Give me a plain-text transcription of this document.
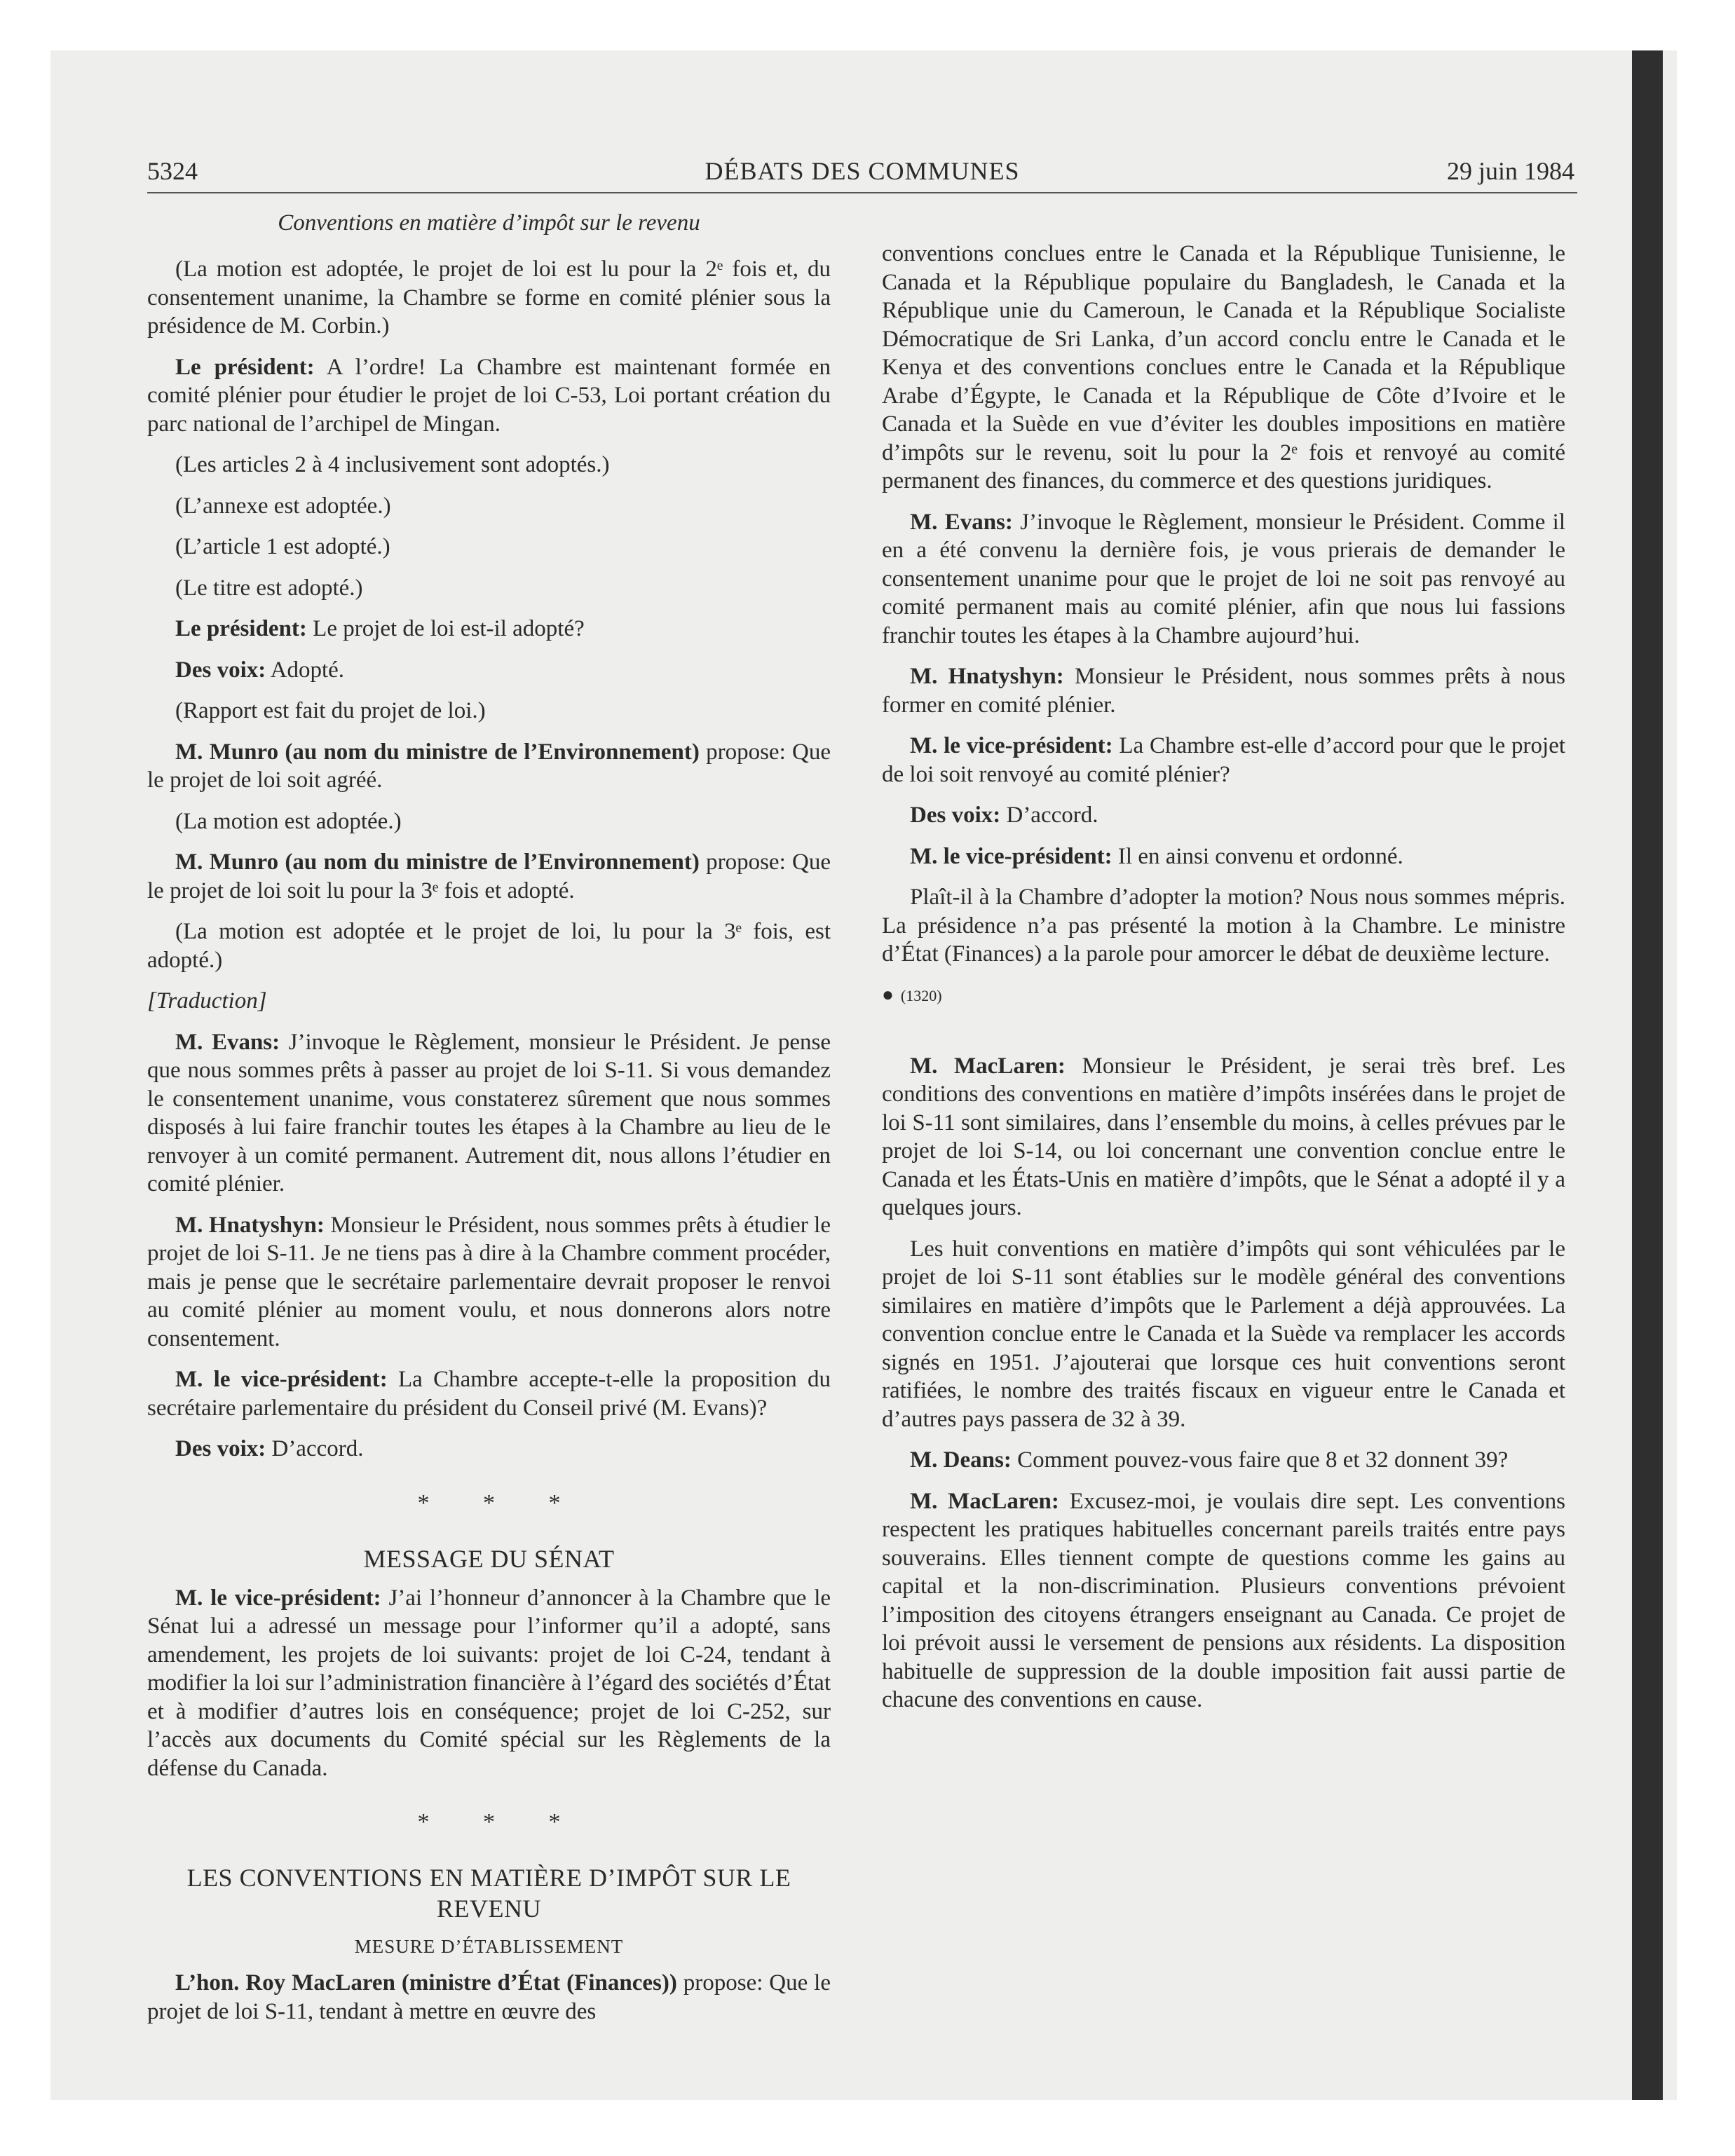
5324	DÉBATS DES COMMUNES	29 juin 1984
Conventions en matière d’impôt sur le revenu

(La motion est adoptée, le projet de loi est lu pour la 2ᵉ fois et, du consentement unanime, la Chambre se forme en comité plénier sous la présidence de M. Corbin.)

Le président: A l’ordre! La Chambre est maintenant formée en comité plénier pour étudier le projet de loi C-53, Loi portant création du parc national de l’archipel de Mingan.

(Les articles 2 à 4 inclusivement sont adoptés.)

(L’annexe est adoptée.)

(L’article 1 est adopté.)

(Le titre est adopté.)

Le président: Le projet de loi est-il adopté?

Des voix: Adopté.

(Rapport est fait du projet de loi.)

M. Munro (au nom du ministre de l’Environnement) propose: Que le projet de loi soit agréé.

(La motion est adoptée.)

M. Munro (au nom du ministre de l’Environnement) propose: Que le projet de loi soit lu pour la 3ᵉ fois et adopté.

(La motion est adoptée et le projet de loi, lu pour la 3ᵉ fois, est adopté.)

[Traduction]

M. Evans: J’invoque le Règlement, monsieur le Président. Je pense que nous sommes prêts à passer au projet de loi S-11. Si vous demandez le consentement unanime, vous constaterez sûrement que nous sommes disposés à lui faire franchir toutes les étapes à la Chambre au lieu de le renvoyer à un comité permanent. Autrement dit, nous allons l’étudier en comité plénier.

M. Hnatyshyn: Monsieur le Président, nous sommes prêts à étudier le projet de loi S-11. Je ne tiens pas à dire à la Chambre comment procéder, mais je pense que le secrétaire parlementaire devrait proposer le renvoi au comité plénier au moment voulu, et nous donnerons alors notre consentement.

M. le vice-président: La Chambre accepte-t-elle la proposition du secrétaire parlementaire du président du Conseil privé (M. Evans)?

Des voix: D’accord.

* * *
MESSAGE DU SÉNAT

M. le vice-président: J’ai l’honneur d’annoncer à la Chambre que le Sénat lui a adressé un message pour l’informer qu’il a adopté, sans amendement, les projets de loi suivants: projet de loi C-24, tendant à modifier la loi sur l’administration financière à l’égard des sociétés d’État et à modifier d’autres lois en conséquence; projet de loi C-252, sur l’accès aux documents du Comité spécial sur les Règlements de la défense du Canada.

* * *
LES CONVENTIONS EN MATIÈRE D’IMPÔT SUR LE REVENU
MESURE D’ÉTABLISSEMENT

L’hon. Roy MacLaren (ministre d’État (Finances)) propose: Que le projet de loi S-11, tendant à mettre en œuvre des

conventions conclues entre le Canada et la République Tunisienne, le Canada et la République populaire du Bangladesh, le Canada et la République unie du Cameroun, le Canada et la République Socialiste Démocratique de Sri Lanka, d’un accord conclu entre le Canada et le Kenya et des conventions conclues entre le Canada et la République Arabe d’Égypte, le Canada et la République de Côte d’Ivoire et le Canada et la Suède en vue d’éviter les doubles impositions en matière d’impôts sur le revenu, soit lu pour la 2ᵉ fois et renvoyé au comité permanent des finances, du commerce et des questions juridiques.

M. Evans: J’invoque le Règlement, monsieur le Président. Comme il en a été convenu la dernière fois, je vous prierais de demander le consentement unanime pour que le projet de loi ne soit pas renvoyé au comité permanent mais au comité plénier, afin que nous lui fassions franchir toutes les étapes à la Chambre aujourd’hui.

M. Hnatyshyn: Monsieur le Président, nous sommes prêts à nous former en comité plénier.

M. le vice-président: La Chambre est-elle d’accord pour que le projet de loi soit renvoyé au comité plénier?

Des voix: D’accord.

M. le vice-président: Il en ainsi convenu et ordonné.

Plaît-il à la Chambre d’adopter la motion? Nous nous sommes mépris. La présidence n’a pas présenté la motion à la Chambre. Le ministre d’État (Finances) a la parole pour amorcer le débat de deuxième lecture.

● (1320)

M. MacLaren: Monsieur le Président, je serai très bref. Les conditions des conventions en matière d’impôts insérées dans le projet de loi S-11 sont similaires, dans l’ensemble du moins, à celles prévues par le projet de loi S-14, ou loi concernant une convention conclue entre le Canada et les États-Unis en matière d’impôts, que le Sénat a adopté il y a quelques jours.

Les huit conventions en matière d’impôts qui sont véhiculées par le projet de loi S-11 sont établies sur le modèle général des conventions similaires en matière d’impôts que le Parlement a déjà approuvées. La convention conclue entre le Canada et la Suède va remplacer les accords signés en 1951. J’ajouterai que lorsque ces huit conventions seront ratifiées, le nombre des traités fiscaux en vigueur entre le Canada et d’autres pays passera de 32 à 39.

M. Deans: Comment pouvez-vous faire que 8 et 32 donnent 39?

M. MacLaren: Excusez-moi, je voulais dire sept. Les conventions respectent les pratiques habituelles concernant pareils traités entre pays souverains. Elles tiennent compte de questions comme les gains au capital et la non-discrimination. Plusieurs conventions prévoient l’imposition des citoyens étrangers enseignant au Canada. Ce projet de loi prévoit aussi le versement de pensions aux résidents. La disposition habituelle de suppression de la double imposition fait aussi partie de chacune des conventions en cause.
